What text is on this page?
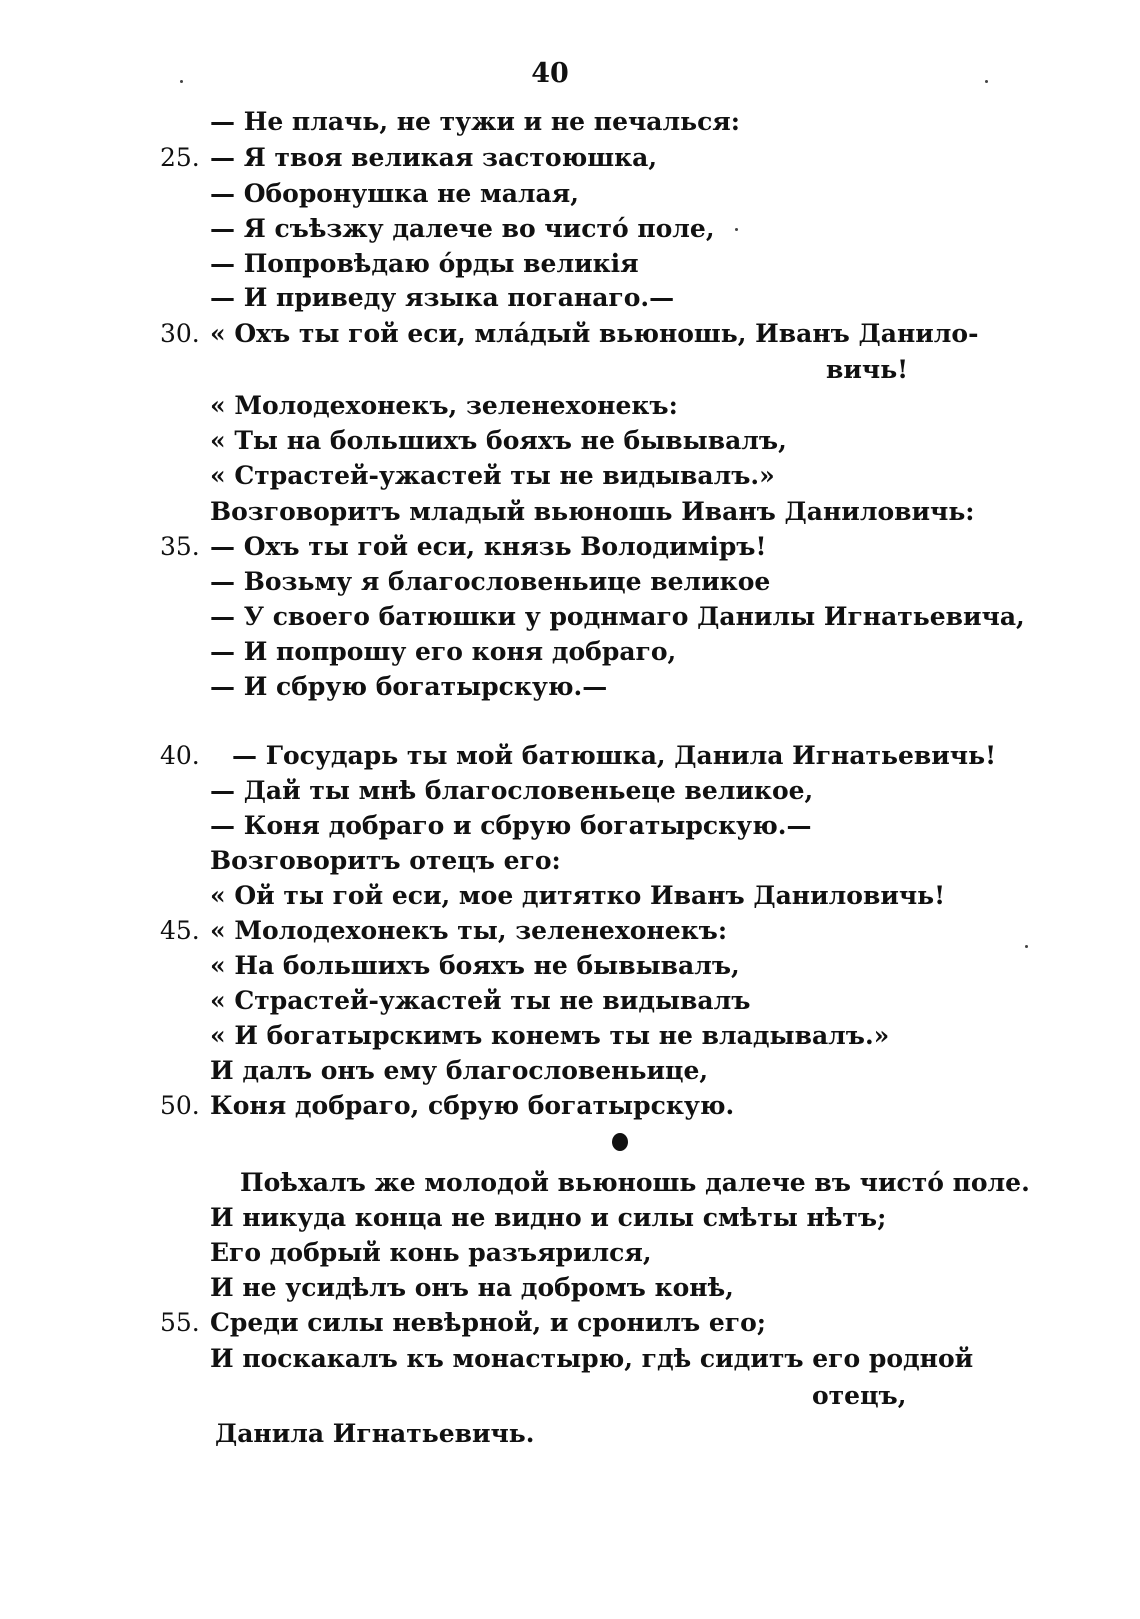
40
— Не плачь, не тужи и не печалься:
25. — Я твоя великая застоюшка,
— Оборонушка не малая,
— Я съѣзжу далече во чистó поле,
— Попровѣдаю óрды великія
— И приведу языка поганаго.—
30. « Охъ ты гой еси, млáдый вьюношь, Иванъ Данило-
вичь!
« Молодехонекъ, зеленехонекъ:
« Ты на большихъ бояхъ не бывывалъ,
« Страстей-ужастей ты не видывалъ.»
Возговоритъ младый вьюношь Иванъ Даниловичь:
35. — Охъ ты гой еси, князь Володиміръ!
— Возьму я благословеньице великое
— У своего батюшки у роднмаго Данилы Игнатьевича,
— И попрошу его коня добраго,
— И сбрую богатырскую.—
40.	— Государь ты мой батюшка, Данила Игнатьевичь!
— Дай ты мнѣ благословеньеце великое,
— Коня добраго и сбрую богатырскую.—
Возговоритъ отецъ его:
« Ой ты гой еси, мое дитятко Иванъ Даниловичь!
45. « Молодехонекъ ты, зеленехонекъ:
« На большихъ бояхъ не бывывалъ,
« Страстей-ужастей ты не видывалъ
« И богатырскимъ конемъ ты не владывалъ.»
И далъ онъ ему благословеньице,
50. Коня добраго, сбрую богатырскую.
Поѣхалъ же молодой вьюношь далече въ чистó поле.
И никуда конца не видно и силы смѣты нѣтъ;
Его добрый конь разъярился,
И не усидѣлъ онъ на добромъ конѣ,
55. Среди силы невѣрной, и сронилъ его;
И поскакалъ къ монастырю, гдѣ сидитъ его родной
отецъ,
Данила Игнатьевичь.
